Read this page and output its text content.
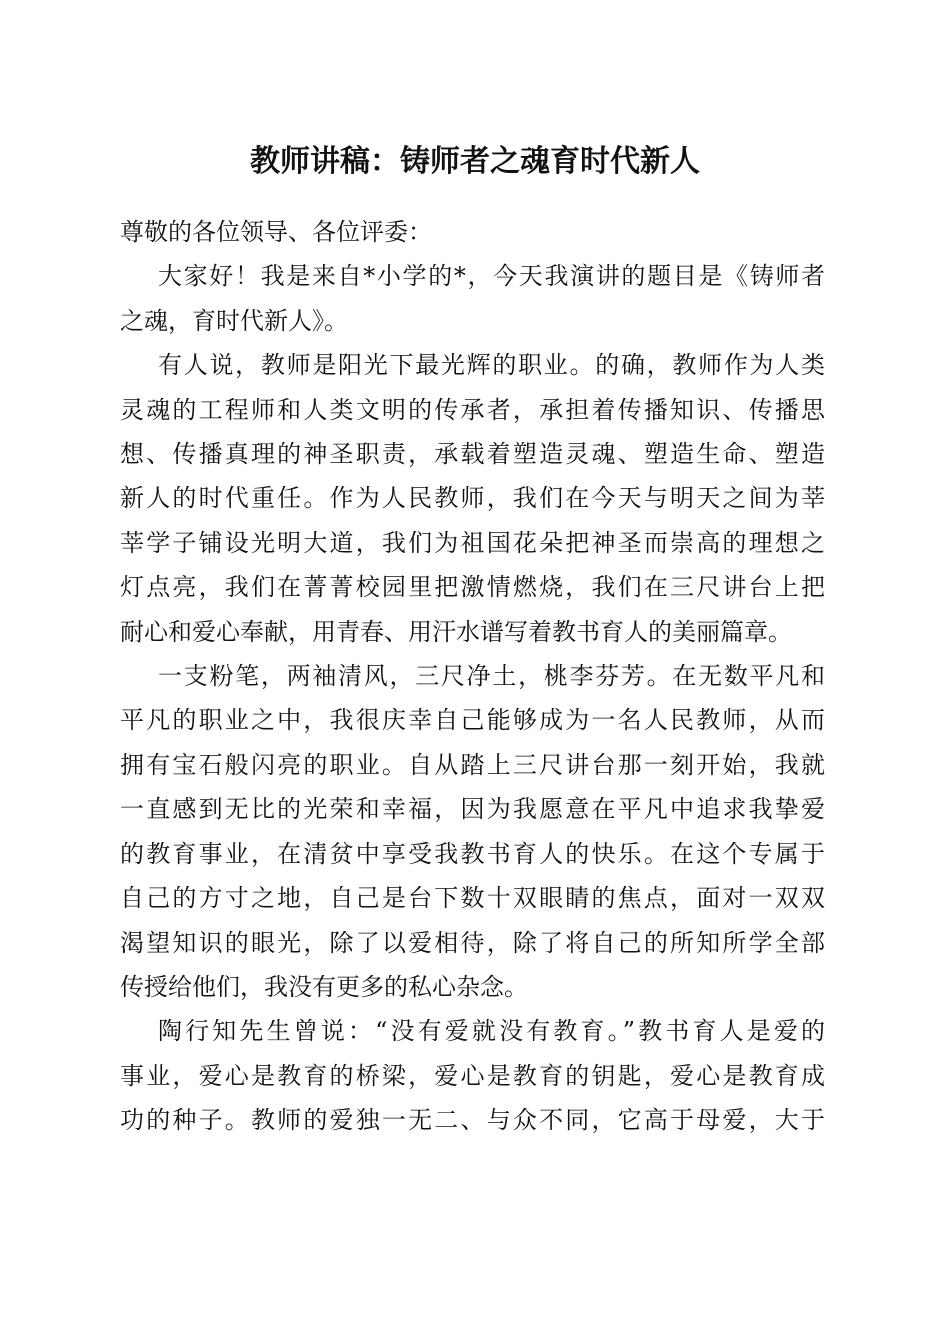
教师讲稿：铸师者之魂育时代新人
尊敬的各位领导、各位评委：
大家好！我是来自*小学的*，今天我演讲的题目是《铸师者
之魂，育时代新人》。
有人说，教师是阳光下最光辉的职业。的确，教师作为人类
灵魂的工程师和人类文明的传承者，承担着传播知识、传播思
想、传播真理的神圣职责，承载着塑造灵魂、塑造生命、塑造
新人的时代重任。作为人民教师，我们在今天与明天之间为莘
莘学子铺设光明大道，我们为祖国花朵把神圣而崇高的理想之
灯点亮，我们在菁菁校园里把激情燃烧，我们在三尺讲台上把
耐心和爱心奉献，用青春、用汗水谱写着教书育人的美丽篇章。
一支粉笔，两袖清风，三尺净土，桃李芬芳。在无数平凡和
平凡的职业之中，我很庆幸自己能够成为一名人民教师，从而
拥有宝石般闪亮的职业。自从踏上三尺讲台那一刻开始，我就
一直感到无比的光荣和幸福，因为我愿意在平凡中追求我挚爱
的教育事业，在清贫中享受我教书育人的快乐。在这个专属于
自己的方寸之地，自己是台下数十双眼睛的焦点，面对一双双
渴望知识的眼光，除了以爱相待，除了将自己的所知所学全部
传授给他们，我没有更多的私心杂念。
陶行知先生曾说：“没有爱就没有教育。”教书育人是爱的
事业，爱心是教育的桥梁，爱心是教育的钥匙，爱心是教育成
功的种子。教师的爱独一无二、与众不同，它高于母爱，大于
